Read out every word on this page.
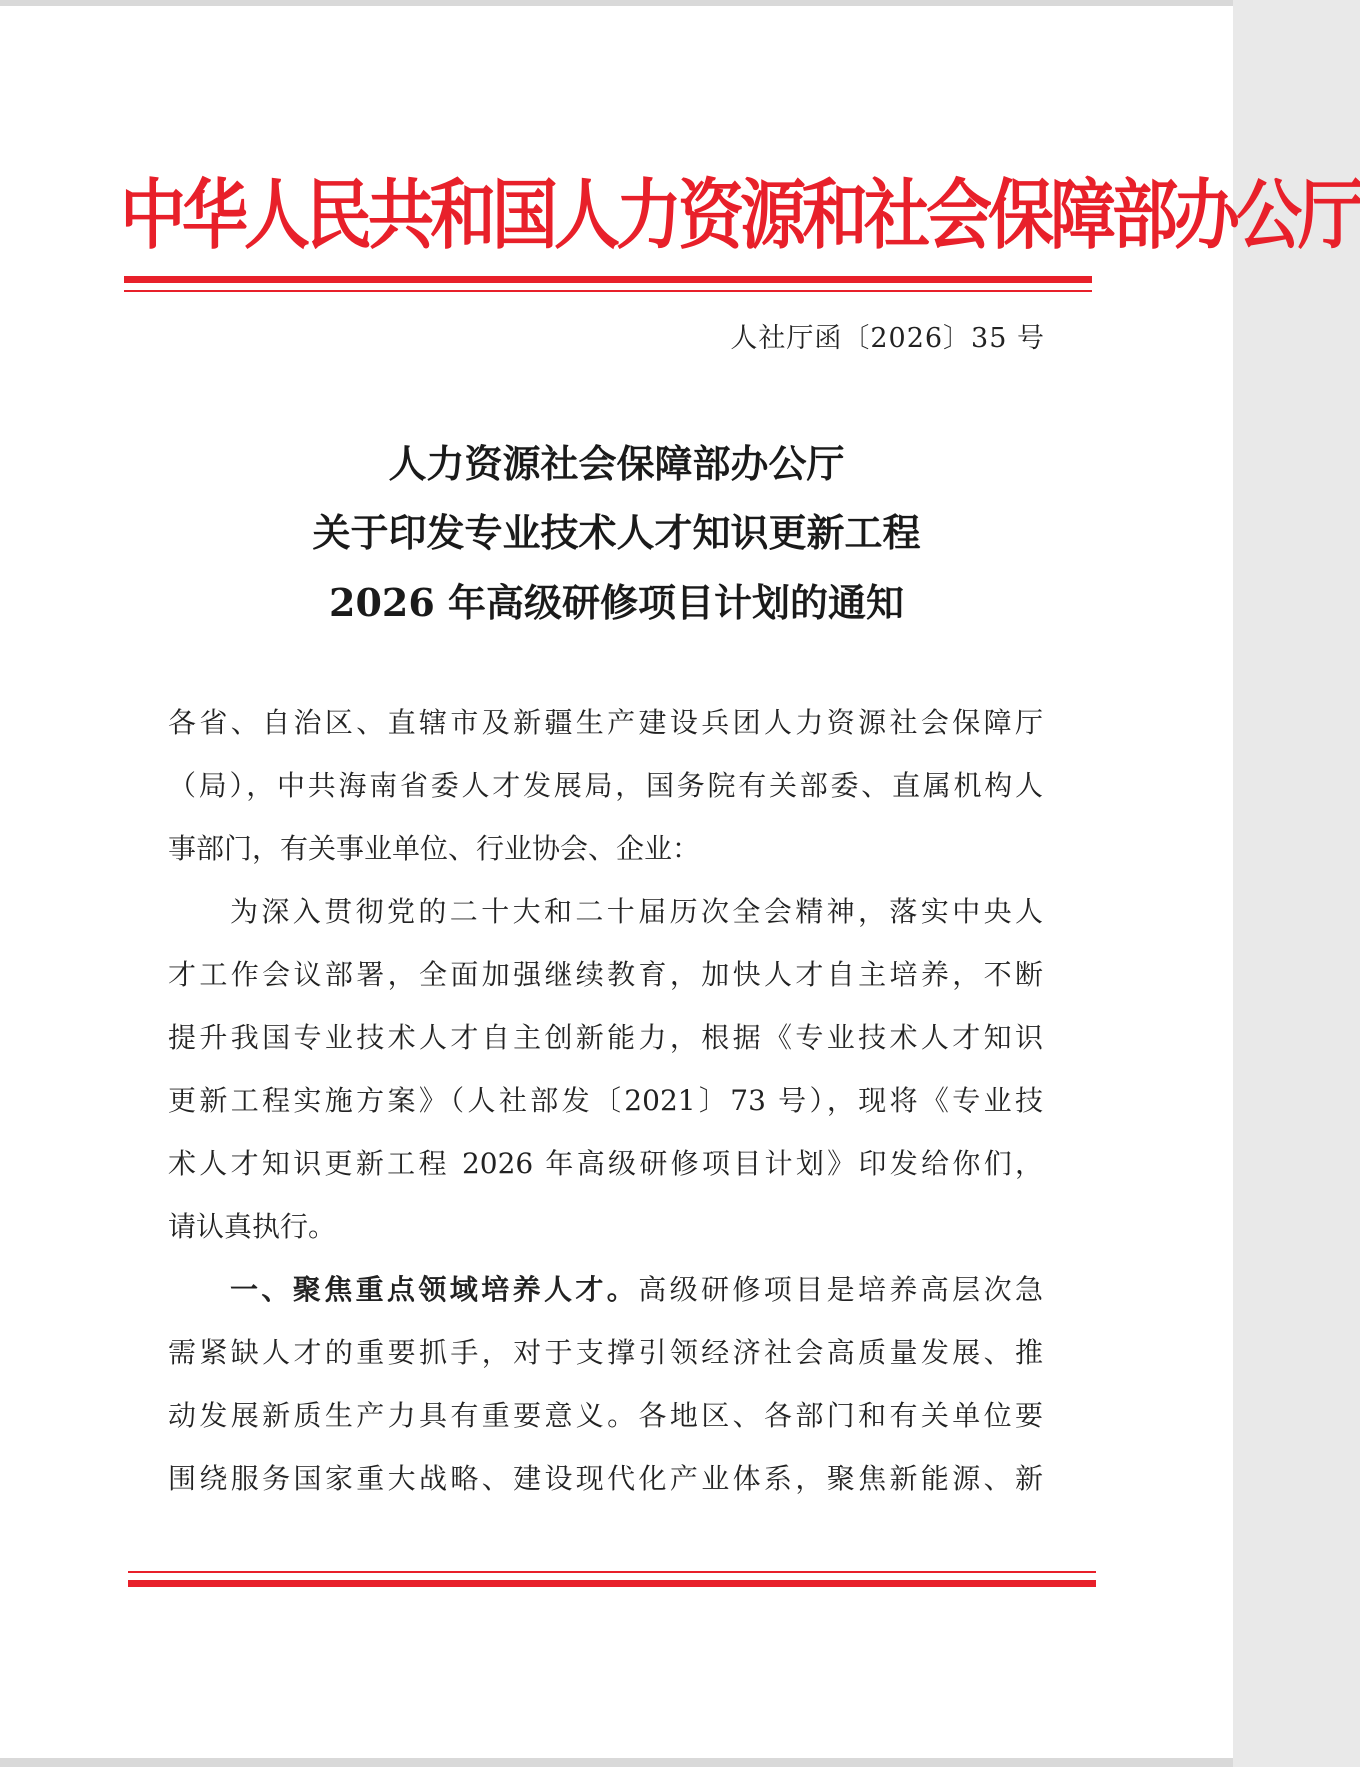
中华人民共和国人力资源和社会保障部办公厅
人社厅函〔2026〕35 号
人力资源社会保障部办公厅
关于印发专业技术人才知识更新工程
2026 年高级研修项目计划的通知
各省、自治区、直辖市及新疆生产建设兵团人力资源社会保障厅
（局），中共海南省委人才发展局，国务院有关部委、直属机构人
事部门，有关事业单位、行业协会、企业：
为深入贯彻党的二十大和二十届历次全会精神，落实中央人
才工作会议部署，全面加强继续教育，加快人才自主培养，不断
提升我国专业技术人才自主创新能力，根据《专业技术人才知识
更新工程实施方案》（人社部发〔2021〕73 号），现将《专业技
术人才知识更新工程 2026 年高级研修项目计划》印发给你们，
请认真执行。
一、聚焦重点领域培养人才。高级研修项目是培养高层次急
需紧缺人才的重要抓手，对于支撑引领经济社会高质量发展、推
动发展新质生产力具有重要意义。各地区、各部门和有关单位要
围绕服务国家重大战略、建设现代化产业体系，聚焦新能源、新
